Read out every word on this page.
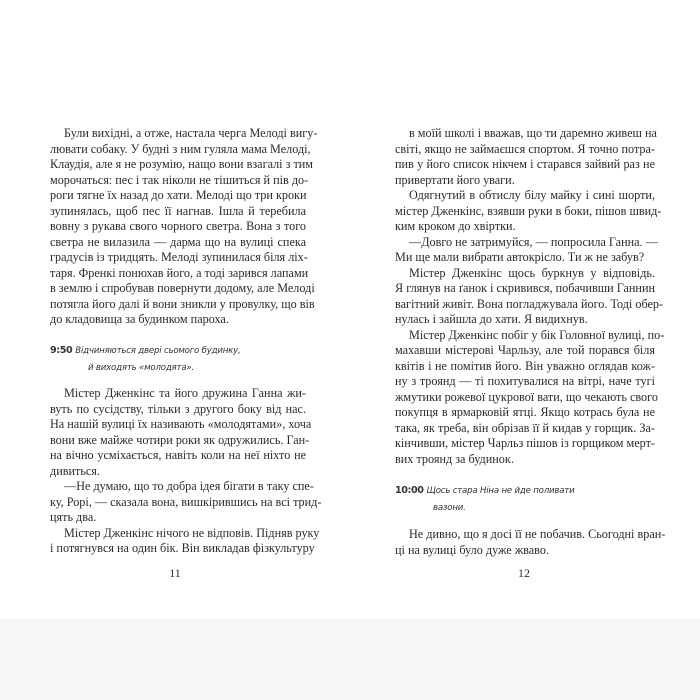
Були вихідні, а отже, настала черга Мелоді вигу-
лювати собаку. У будні з ним гуляла мама Мелоді,
Клаудія, але я не розумію, нащо вони взагалі з тим
морочаться: пес і так ніколи не тішиться й пів до-
роги тягне їх назад до хати. Мелоді що три кроки
зупинялась, щоб пес її нагнав. Ішла й теребила
вовну з рукава свого чорного светра. Вона з того
светра не вилазила — дарма що на вулиці спека
градусів із тридцять. Мелоді зупинилася біля ліх-
таря. Френкі понюхав його, а тоді зарився лапами
в землю і спробував повернути додому, але Мелоді
потягла його далі й вони зникли у провулку, що вів
до кладовища за будинком пароха.
9:50 Відчиняються двері сьомого будинку,
й виходять «молодята».
Містер Дженкінс та його дружина Ганна жи-
вуть по сусідству, тільки з другого боку від нас.
На нашій вулиці їх називають «молодятами», хоча
вони вже майже чотири роки як одружились. Ган-
на вічно усміхається, навіть коли на неї ніхто не
дивиться.
—Не думаю, що то добра ідея бігати в таку спе-
ку, Рорі, — сказала вона, вишкірившись на всі трид-
цять два.
Містер Дженкінс нічого не відповів. Підняв руку
і потягнувся на один бік. Він викладав фізкультуру
11
в моїй школі і вважав, що ти даремно живеш на
світі, якщо не займаєшся спортом. Я точно потра-
пив у його список нікчем і старався зайвий раз не
привертати його уваги.
Одягнутий в обтислу білу майку і сині шорти,
містер Дженкінс, взявши руки в боки, пішов швид-
ким кроком до хвіртки.
—Довго не затримуйся, — попросила Ганна. —
Ми ще мали вибрати автокрісло. Ти ж не забув?
Містер Дженкінс щось буркнув у відповідь.
Я глянув на ґанок і скривився, побачивши Ганнин
вагітний живіт. Вона погладжувала його. Тоді обер-
нулась і зайшла до хати. Я видихнув.
Містер Дженкінс побіг у бік Головної вулиці, по-
махавши містерові Чарльзу, але той порався біля
квітів і не помітив його. Він уважно оглядав кож-
ну з троянд — ті похитувалися на вітрі, наче тугі
жмутики рожевої цукрової вати, що чекають свого
покупця в ярмарковій ятці. Якщо котрась була не
така, як треба, він обрізав її й кидав у горщик. За-
кінчивши, містер Чарльз пішов із горщиком мерт-
вих троянд за будинок.
10:00 Щось стара Ніна не йде поливати
вазони.
Не дивно, що я досі її не побачив. Сьогодні вран-
ці на вулиці було дуже жваво.
12
